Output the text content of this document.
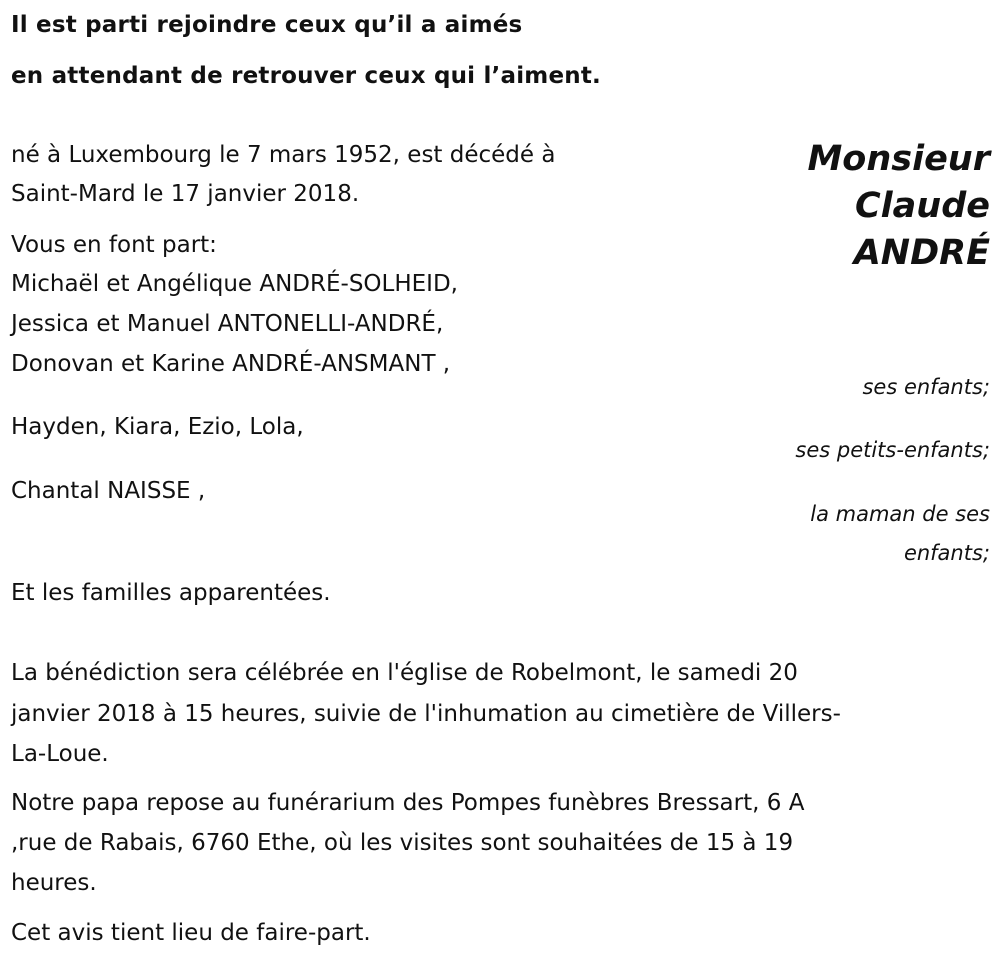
Il est parti rejoindre ceux qu’il a aimés
en attendant de retrouver ceux qui l’aiment.
Monsieur
Claude
ANDRÉ
né à Luxembourg le 7 mars 1952, est décédé à
Saint-Mard le 17 janvier 2018.
Vous en font part:
Michaël et Angélique ANDRÉ-SOLHEID,
Jessica et Manuel ANTONELLI-ANDRÉ,
Donovan et Karine ANDRÉ-ANSMANT ,
ses enfants;
Hayden, Kiara, Ezio, Lola,
ses petits-enfants;
Chantal NAISSE ,
la maman de ses
enfants;
Et les familles apparentées.
La bénédiction sera célébrée en l'église de Robelmont, le samedi 20
janvier 2018 à 15 heures, suivie de l'inhumation au cimetière de Villers-
La-Loue.
Notre papa repose au funérarium des Pompes funèbres Bressart, 6 A
,rue de Rabais, 6760 Ethe, où les visites sont souhaitées de 15 à 19
heures.
Cet avis tient lieu de faire-part.
